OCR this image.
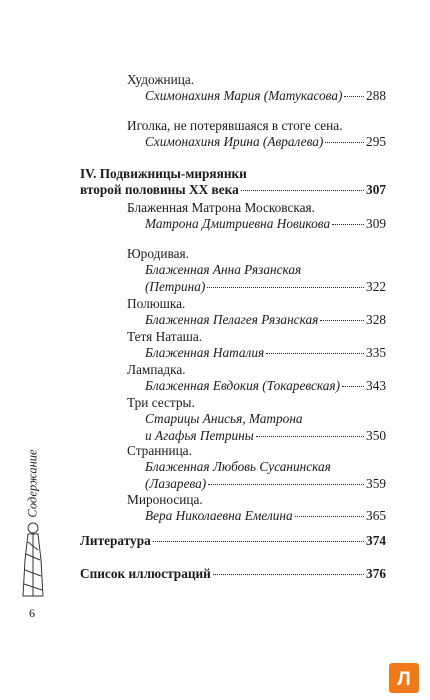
Художница.
Схимонахиня Мария (Матукасова) 288
Иголка, не потерявшаяся в стоге сена.
Схимонахиня Ирина (Авралева)	295
IV. Подвижницы-миряянки
второй половины XX века	307
Блаженная Матрона Московская.
Матрона Дмитриевна Новикова	309
Юродивая.
Блаженная Анна Рязанская
(Петрина)	322
Полюшка.
Блаженная Пелагея Рязанская	328
Тетя Наташа.
Блаженная Наталия	335
Лампадка.
Блаженная Евдокия (Токаревская) 343
Три сестры.
Старицы Анисья, Матрона
и Агафья Петрины	350
Странница.
Блаженная Любовь Сусанинская
(Лазарева)	359
Мироносица.
Вера Николаевна Емелина	365
Литература	374
Список иллюстраций	376
Содержание
6
Л
